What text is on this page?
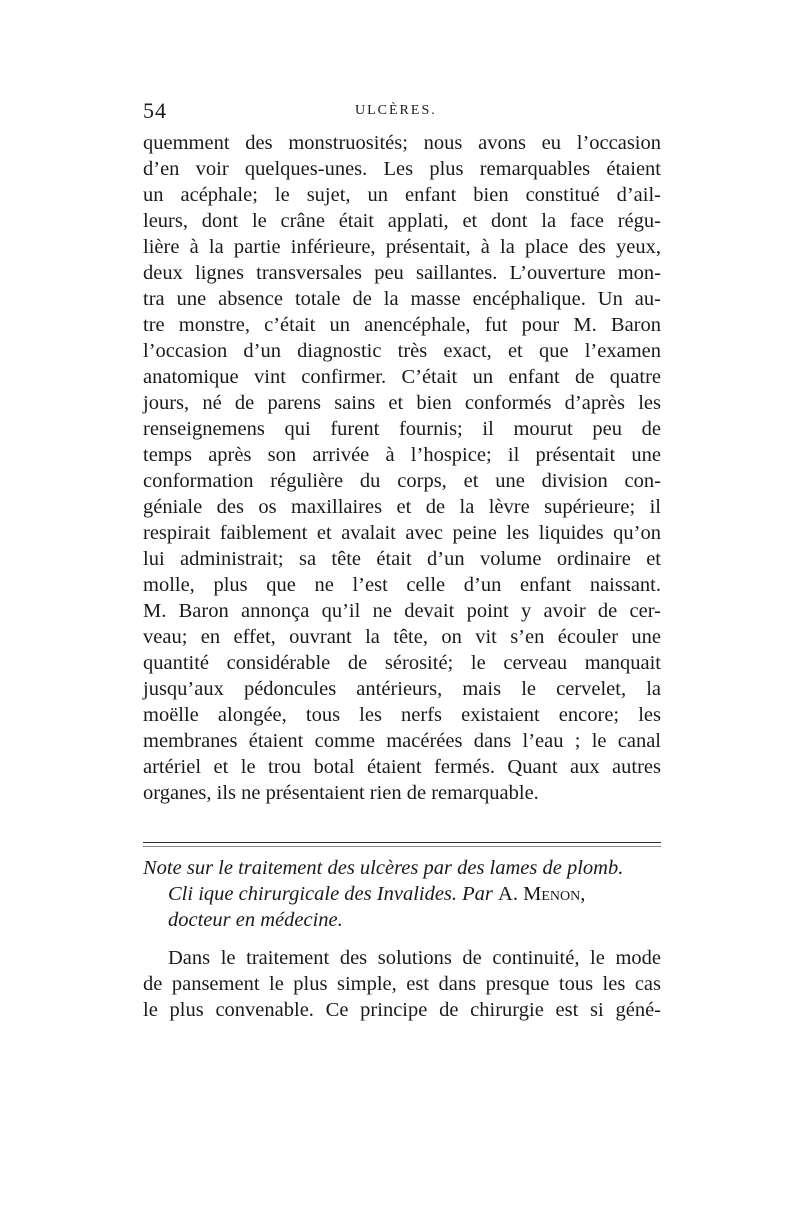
54	ULCÈRES.
quemment des monstruosités; nous avons eu l’occasion
d’en voir quelques-unes. Les plus remarquables étaient
un acéphale; le sujet, un enfant bien constitué d’ail-
leurs, dont le crâne était applati, et dont la face régu-
lière à la partie inférieure, présentait, à la place des yeux,
deux lignes transversales peu saillantes. L’ouverture mon-
tra une absence totale de la masse encéphalique. Un au-
tre monstre, c’était un anencéphale, fut pour M. Baron
l’occasion d’un diagnostic très exact, et que l’examen
anatomique vint confirmer. C’était un enfant de quatre
jours, né de parens sains et bien conformés d’après les
renseignemens qui furent fournis; il mourut peu de
temps après son arrivée à l’hospice; il présentait une
conformation régulière du corps, et une division con-
géniale des os maxillaires et de la lèvre supérieure; il
respirait faiblement et avalait avec peine les liquides qu’on
lui administrait; sa tête était d’un volume ordinaire et
molle, plus que ne l’est celle d’un enfant naissant.
M. Baron annonça qu’il ne devait point y avoir de cer-
veau; en effet, ouvrant la tête, on vit s’en écouler une
quantité considérable de sérosité; le cerveau manquait
jusqu’aux pédoncules antérieurs, mais le cervelet, la
moëlle alongée, tous les nerfs existaient encore; les
membranes étaient comme macérées dans l’eau ; le canal
artériel et le trou botal étaient fermés. Quant aux autres
organes, ils ne présentaient rien de remarquable.
Note sur le traitement des ulcères par des lames de plomb.
Cli ique chirurgicale des Invalides. Par A. Menon,
docteur en médecine.
Dans le traitement des solutions de continuité, le mode
de pansement le plus simple, est dans presque tous les cas
le plus convenable. Ce principe de chirurgie est si géné-
